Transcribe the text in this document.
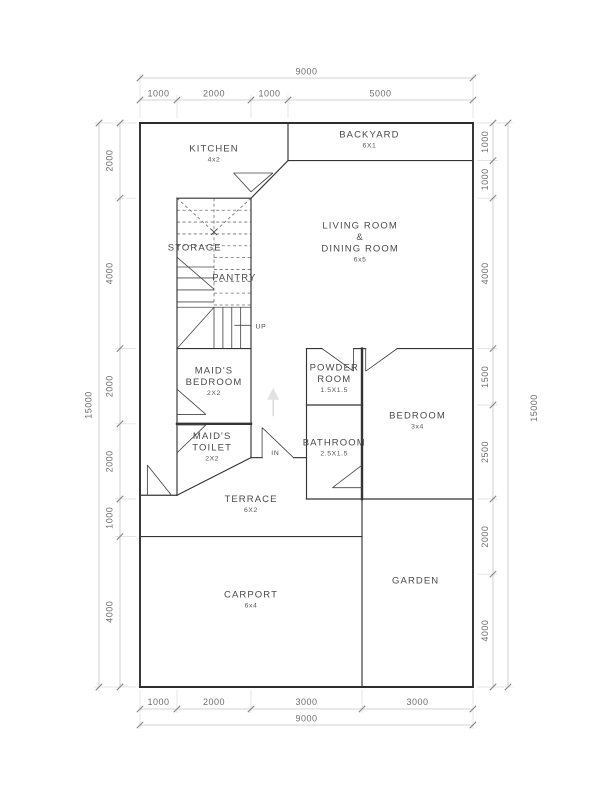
1000	2000	1000	5000
9000
1000	2000	3000	3000
9000
2000
4000
2000
2000
1000
4000
15000
1000
1000
4000
1500
2500
2000
4000
15000
KITCHEN
4x2
BACKYARD
6X1
LIVING ROOM
&
DINING ROOM
6x5
STORAGE
PANTRY
MAID'S
BEDROOM
2X2
MAID'S
TOILET
2X2
POWDER
ROOM
1.5X1.5
BATHROOM
2.5X1.5
BEDROOM
3x4
TERRACE
6X2
CARPORT
6x4
GARDEN
UP
IN
